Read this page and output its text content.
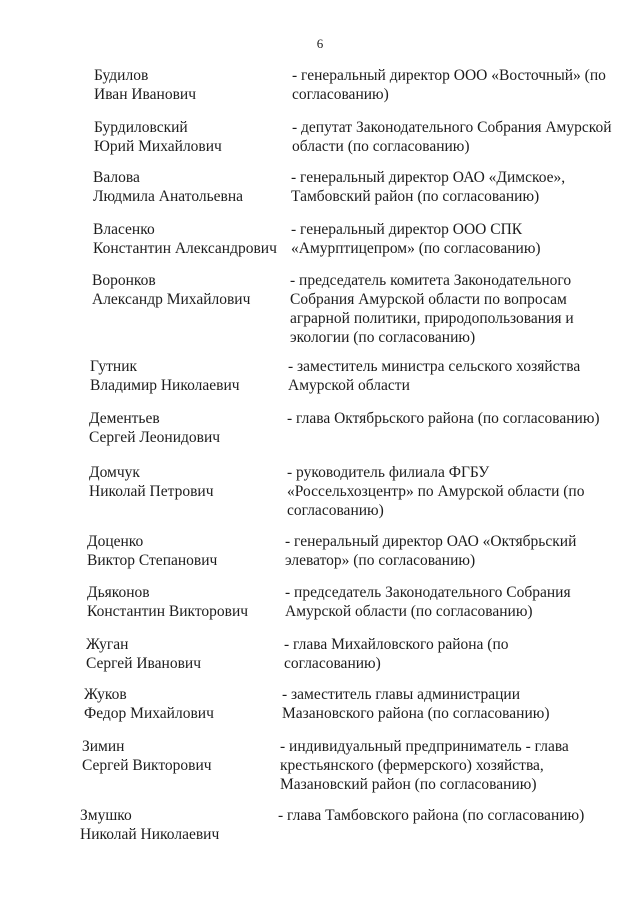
6
Будилов
Иван Иванович
- генеральный директор ООО «Восточный» (по
согласованию)
Бурдиловский
Юрий Михайлович
- депутат Законодательного Собрания Амурской
области (по согласованию)
Валова
Людмила Анатольевна
- генеральный директор ОАО «Димское»,
Тамбовский район (по согласованию)
Власенко
Константин Александрович
- генеральный директор ООО СПК
«Амурптицепром» (по согласованию)
Воронков
Александр Михайлович
- председатель комитета Законодательного
Собрания Амурской области по вопросам
аграрной политики, природопользования и
экологии (по согласованию)
Гутник
Владимир Николаевич
- заместитель министра сельского хозяйства
Амурской области
Дементьев
Сергей Леонидович
- глава Октябрьского района (по согласованию)
Домчук
Николай Петрович
- руководитель филиала ФГБУ
«Россельхозцентр» по Амурской области (по
согласованию)
Доценко
Виктор Степанович
- генеральный директор ОАО «Октябрьский
элеватор» (по согласованию)
Дьяконов
Константин Викторович
- председатель Законодательного Собрания
Амурской области (по согласованию)
Жуган
Сергей Иванович
- глава Михайловского района (по
согласованию)
Жуков
Федор Михайлович
- заместитель главы администрации
Мазановского района (по согласованию)
Зимин
Сергей Викторович
- индивидуальный предприниматель - глава
крестьянского (фермерского) хозяйства,
Мазановский район (по согласованию)
Змушко
Николай Николаевич
- глава Тамбовского района (по согласованию)
